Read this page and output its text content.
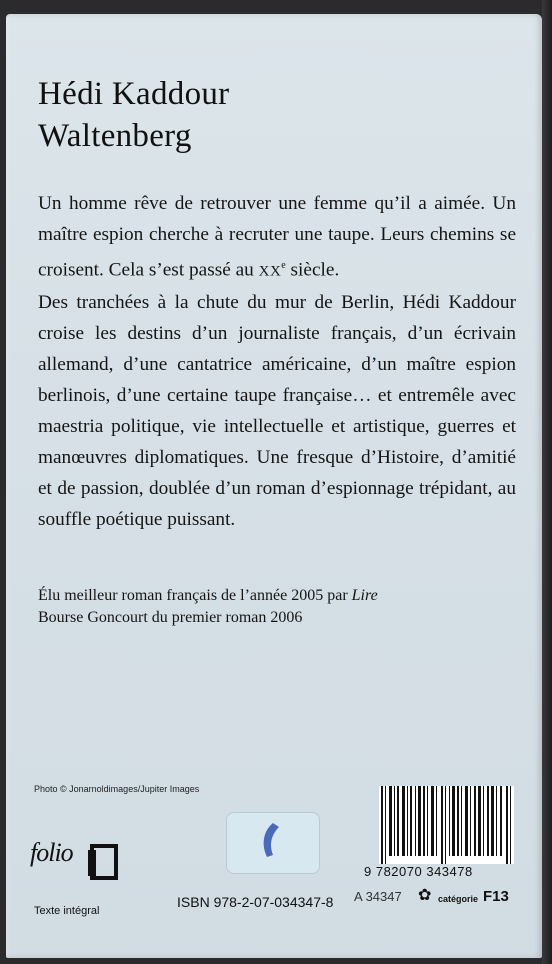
Hédi Kaddour
Waltenberg

Un homme rêve de retrouver une femme qu’il a aimée. Un maître espion cherche à recruter une taupe. Leurs chemins se croisent. Cela s’est passé au XXe siècle.

Des tranchées à la chute du mur de Berlin, Hédi Kaddour croise les destins d’un journaliste français, d’un écrivain allemand, d’une cantatrice américaine, d’un maître espion berlinois, d’une certaine taupe française… et entremêle avec maestria politique, vie intellectuelle et artistique, guerres et manœuvres diplomatiques. Une fresque d’Histoire, d’amitié et de passion, doublée d’un roman d’espionnage trépidant, au souffle poétique puissant.

Élu meilleur roman français de l’année 2005 par Lire
Bourse Goncourt du premier roman 2006
Photo © Jonarnoldimages/Jupiter Images
folio
Texte intégral
9 782070 343478
ISBN 978-2-07-034347-8 A 34347 ✿ catégorie F13
